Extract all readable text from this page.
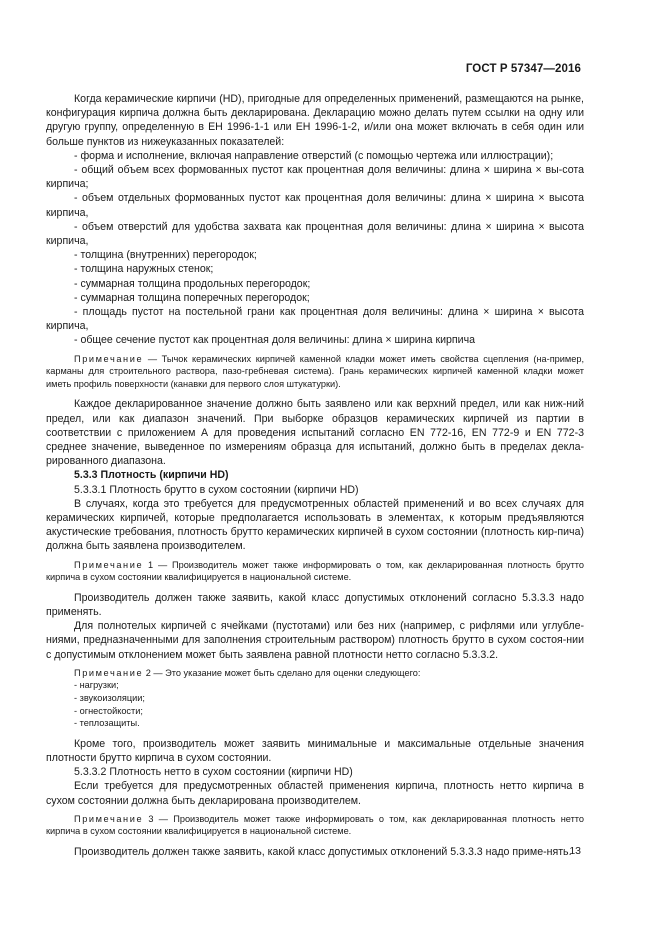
ГОСТ Р 57347—2016

Когда керамические кирпичи (HD), пригодные для определенных применений, размещаются на рынке, конфигурация кирпича должна быть декларирована. Декларацию можно делать путем ссылки на одну или другую группу, определенную в ЕН 1996-1-1 или ЕН 1996-1-2, и/или она может включать в себя один или больше пунктов из нижеуказанных показателей:

- форма и исполнение, включая направление отверстий (с помощью чертежа или иллюстрации);

- общий объем всех формованных пустот как процентная доля величины: длина × ширина × вы-сота кирпича;

- объем отдельных формованных пустот как процентная доля величины: длина × ширина × высота кирпича,

- объем отверстий для удобства захвата как процентная доля величины: длина × ширина × высота кирпича,

- толщина (внутренних) перегородок;

- толщина наружных стенок;

- суммарная толщина продольных перегородок;

- суммарная толщина поперечных перегородок;

- площадь пустот на постельной грани как процентная доля величины: длина × ширина × высота кирпича,

- общее сечение пустот как процентная доля величины: длина × ширина кирпича

Примечание — Тычок керамических кирпичей каменной кладки может иметь свойства сцепления (на-пример, карманы для строительного раствора, пазо-гребневая система). Грань керамических кирпичей каменной кладки может иметь профиль поверхности (канавки для первого слоя штукатурки).

Каждое декларированное значение должно быть заявлено или как верхний предел, или как ниж-ний предел, или как диапазон значений. При выборке образцов керамических кирпичей из партии в соответствии с приложением А для проведения испытаний согласно EN 772-16, EN 772-9 и EN 772-3 среднее значение, выведенное по измерениям образца для испытаний, должно быть в пределах декла-рированного диапазона.

5.3.3 Плотность (кирпичи HD)

5.3.3.1 Плотность брутто в сухом состоянии (кирпичи HD)

В случаях, когда это требуется для предусмотренных областей применений и во всех случаях для керамических кирпичей, которые предполагается использовать в элементах, к которым предъявляются акустические требования, плотность брутто керамических кирпичей в сухом состоянии (плотность кир-пича) должна быть заявлена производителем.

Примечание 1 — Производитель может также информировать о том, как декларированная плотность брутто кирпича в сухом состоянии квалифицируется в национальной системе.

Производитель должен также заявить, какой класс допустимых отклонений согласно 5.3.3.3 надо применять.

Для полнотелых кирпичей с ячейками (пустотами) или без них (например, с рифлями или углубле-ниями, предназначенными для заполнения строительным раствором) плотность брутто в сухом состоя-нии с допустимым отклонением может быть заявлена равной плотности нетто согласно 5.3.3.2.

Примечание 2 — Это указание может быть сделано для оценки следующего:

- нагрузки;

- звукоизоляции;

- огнестойкости;

- теплозащиты.

Кроме того, производитель может заявить минимальные и максимальные отдельные значения плотности брутто кирпича в сухом состоянии.

5.3.3.2 Плотность нетто в сухом состоянии (кирпичи HD)

Если требуется для предусмотренных областей применения кирпича, плотность нетто кирпича в сухом состоянии должна быть декларирована производителем.

Примечание 3 — Производитель может также информировать о том, как декларированная плотность нетто кирпича в сухом состоянии квалифицируется в национальной системе.

Производитель должен также заявить, какой класс допустимых отклонений 5.3.3.3 надо приме-нять.

13
